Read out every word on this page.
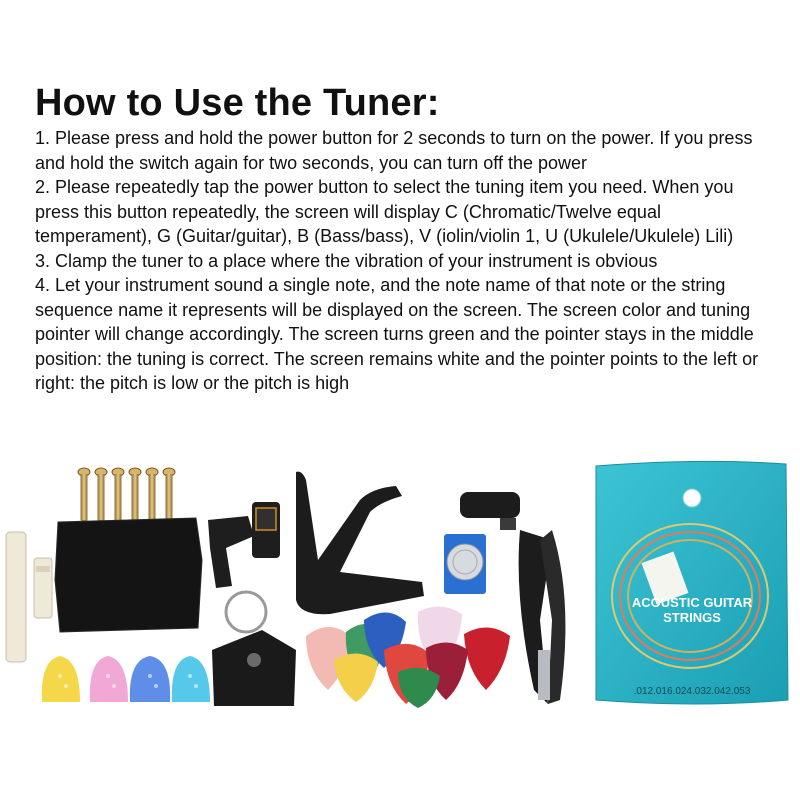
How to Use the Tuner:

1. Please press and hold the power button for 2 seconds to turn on the power. If you press and hold the switch again for two seconds, you can turn off the power

2. Please repeatedly tap the power button to select the tuning item you need. When you press this button repeatedly, the screen will display C (Chromatic/Twelve equal temperament), G (Guitar/guitar), B (Bass/bass), V (iolin/violin 1, U (Ukulele/Ukulele) Lili)

3. Clamp the tuner to a place where the vibration of your instrument is obvious

4. Let your instrument sound a single note, and the note name of that note or the string sequence name it represents will be displayed on the screen. The screen color and tuning pointer will change accordingly. The screen turns green and the pointer stays in the middle position: the tuning is correct. The screen remains white and the pointer points to the left or right: the pitch is low or the pitch is high

ACOUSTIC GUITAR
STRINGS
.012.016.024.032.042.053
